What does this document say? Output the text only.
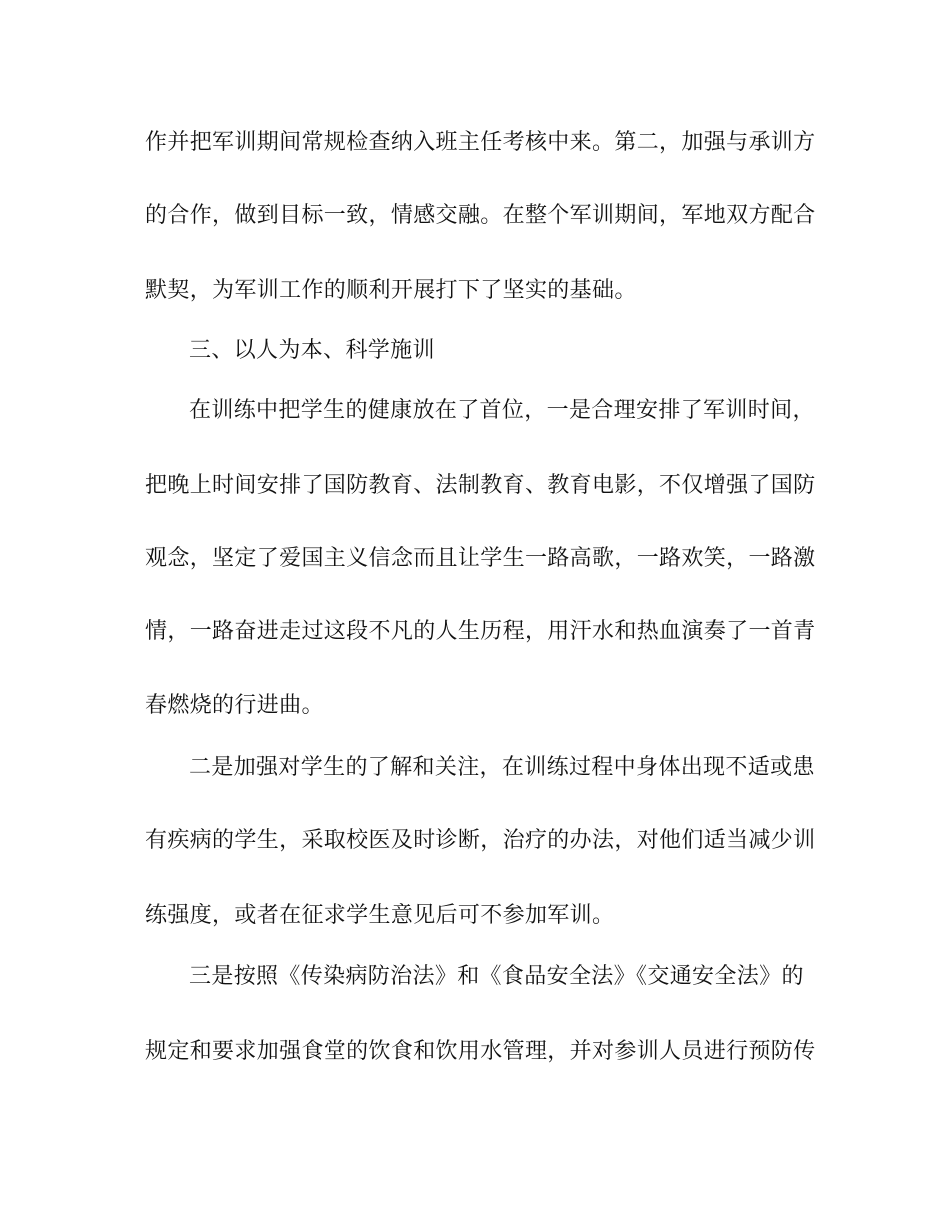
作并把军训期间常规检查纳入班主任考核中来。第二，加强与承训方
的合作，做到目标一致，情感交融。在整个军训期间，军地双方配合
默契，为军训工作的顺利开展打下了坚实的基础。
三、以人为本、科学施训
在训练中把学生的健康放在了首位，一是合理安排了军训时间，
把晚上时间安排了国防教育、法制教育、教育电影，不仅增强了国防
观念，坚定了爱国主义信念而且让学生一路高歌，一路欢笑，一路激
情，一路奋进走过这段不凡的人生历程，用汗水和热血演奏了一首青
春燃烧的行进曲。
二是加强对学生的了解和关注，在训练过程中身体出现不适或患
有疾病的学生，采取校医及时诊断，治疗的办法，对他们适当减少训
练强度，或者在征求学生意见后可不参加军训。
三是按照《传染病防治法》和《食品安全法》《交通安全法》的
规定和要求加强食堂的饮食和饮用水管理，并对参训人员进行预防传
